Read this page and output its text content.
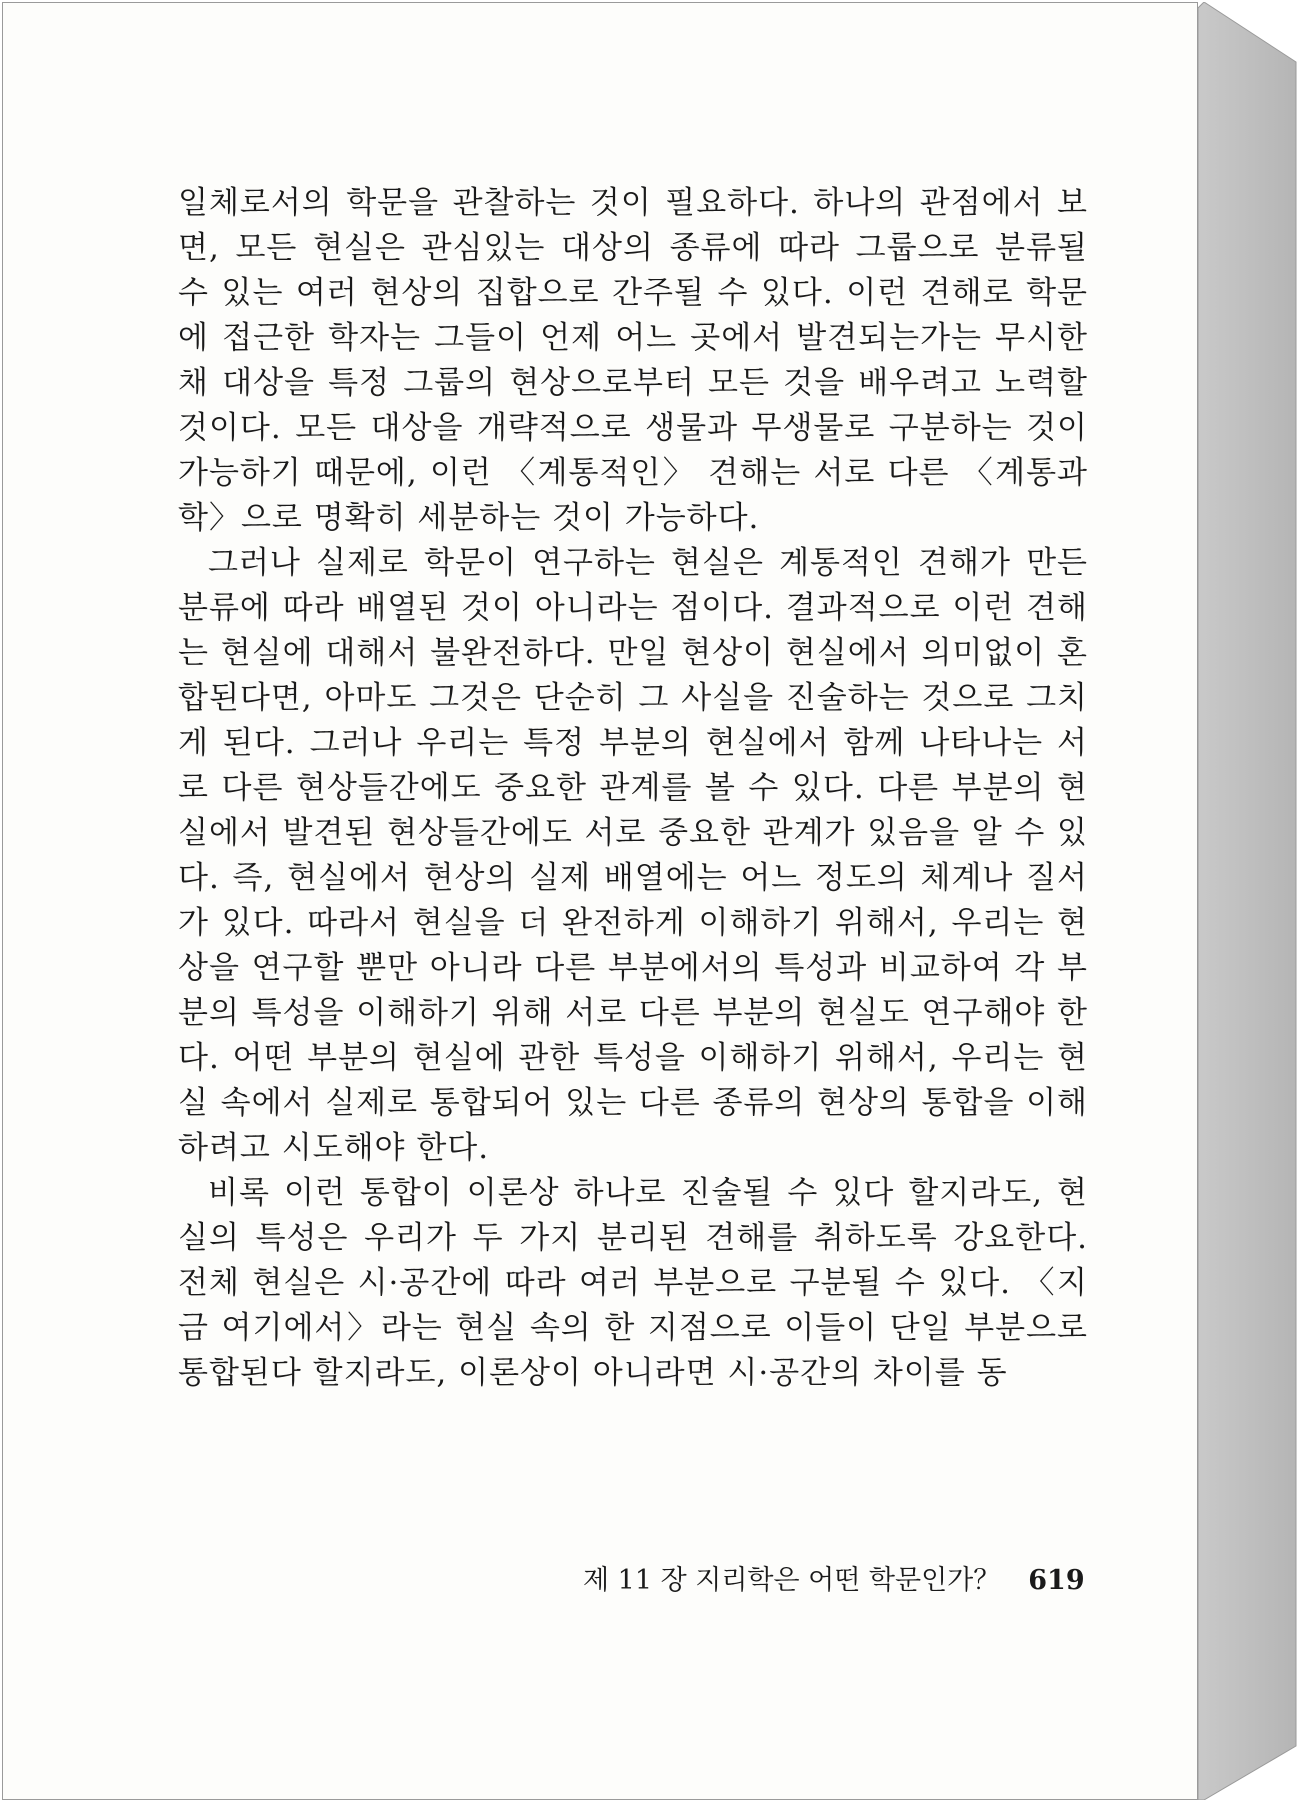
일체로서의 학문을 관찰하는 것이 필요하다. 하나의 관점에서 보면, 모든 현실은 관심있는 대상의 종류에 따라 그룹으로 분류될 수 있는 여러 현상의 집합으로 간주될 수 있다. 이런 견해로 학문에 접근한 학자는 그들이 언제 어느 곳에서 발견되는가는 무시한 채 대상을 특정 그룹의 현상으로부터 모든 것을 배우려고 노력할 것이다. 모든 대상을 개략적으로 생물과 무생물로 구분하는 것이 가능하기 때문에, 이런 〈계통적인〉 견해는 서로 다른 〈계통과학〉으로 명확히 세분하는 것이 가능하다.

그러나 실제로 학문이 연구하는 현실은 계통적인 견해가 만든 분류에 따라 배열된 것이 아니라는 점이다. 결과적으로 이런 견해는 현실에 대해서 불완전하다. 만일 현상이 현실에서 의미없이 혼합된다면, 아마도 그것은 단순히 그 사실을 진술하는 것으로 그치게 된다. 그러나 우리는 특정 부분의 현실에서 함께 나타나는 서로 다른 현상들간에도 중요한 관계를 볼 수 있다. 다른 부분의 현실에서 발견된 현상들간에도 서로 중요한 관계가 있음을 알 수 있다. 즉, 현실에서 현상의 실제 배열에는 어느 정도의 체계나 질서가 있다. 따라서 현실을 더 완전하게 이해하기 위해서, 우리는 현상을 연구할 뿐만 아니라 다른 부분에서의 특성과 비교하여 각 부분의 특성을 이해하기 위해 서로 다른 부분의 현실도 연구해야 한다. 어떤 부분의 현실에 관한 특성을 이해하기 위해서, 우리는 현실 속에서 실제로 통합되어 있는 다른 종류의 현상의 통합을 이해하려고 시도해야 한다.

비록 이런 통합이 이론상 하나로 진술될 수 있다 할지라도, 현실의 특성은 우리가 두 가지 분리된 견해를 취하도록 강요한다. 전체 현실은 시·공간에 따라 여러 부분으로 구분될 수 있다. 〈지금 여기에서〉라는 현실 속의 한 지점으로 이들이 단일 부분으로 통합된다 할지라도, 이론상이 아니라면 시·공간의 차이를 동

제 11 장 지리학은 어떤 학문인가？ 619
